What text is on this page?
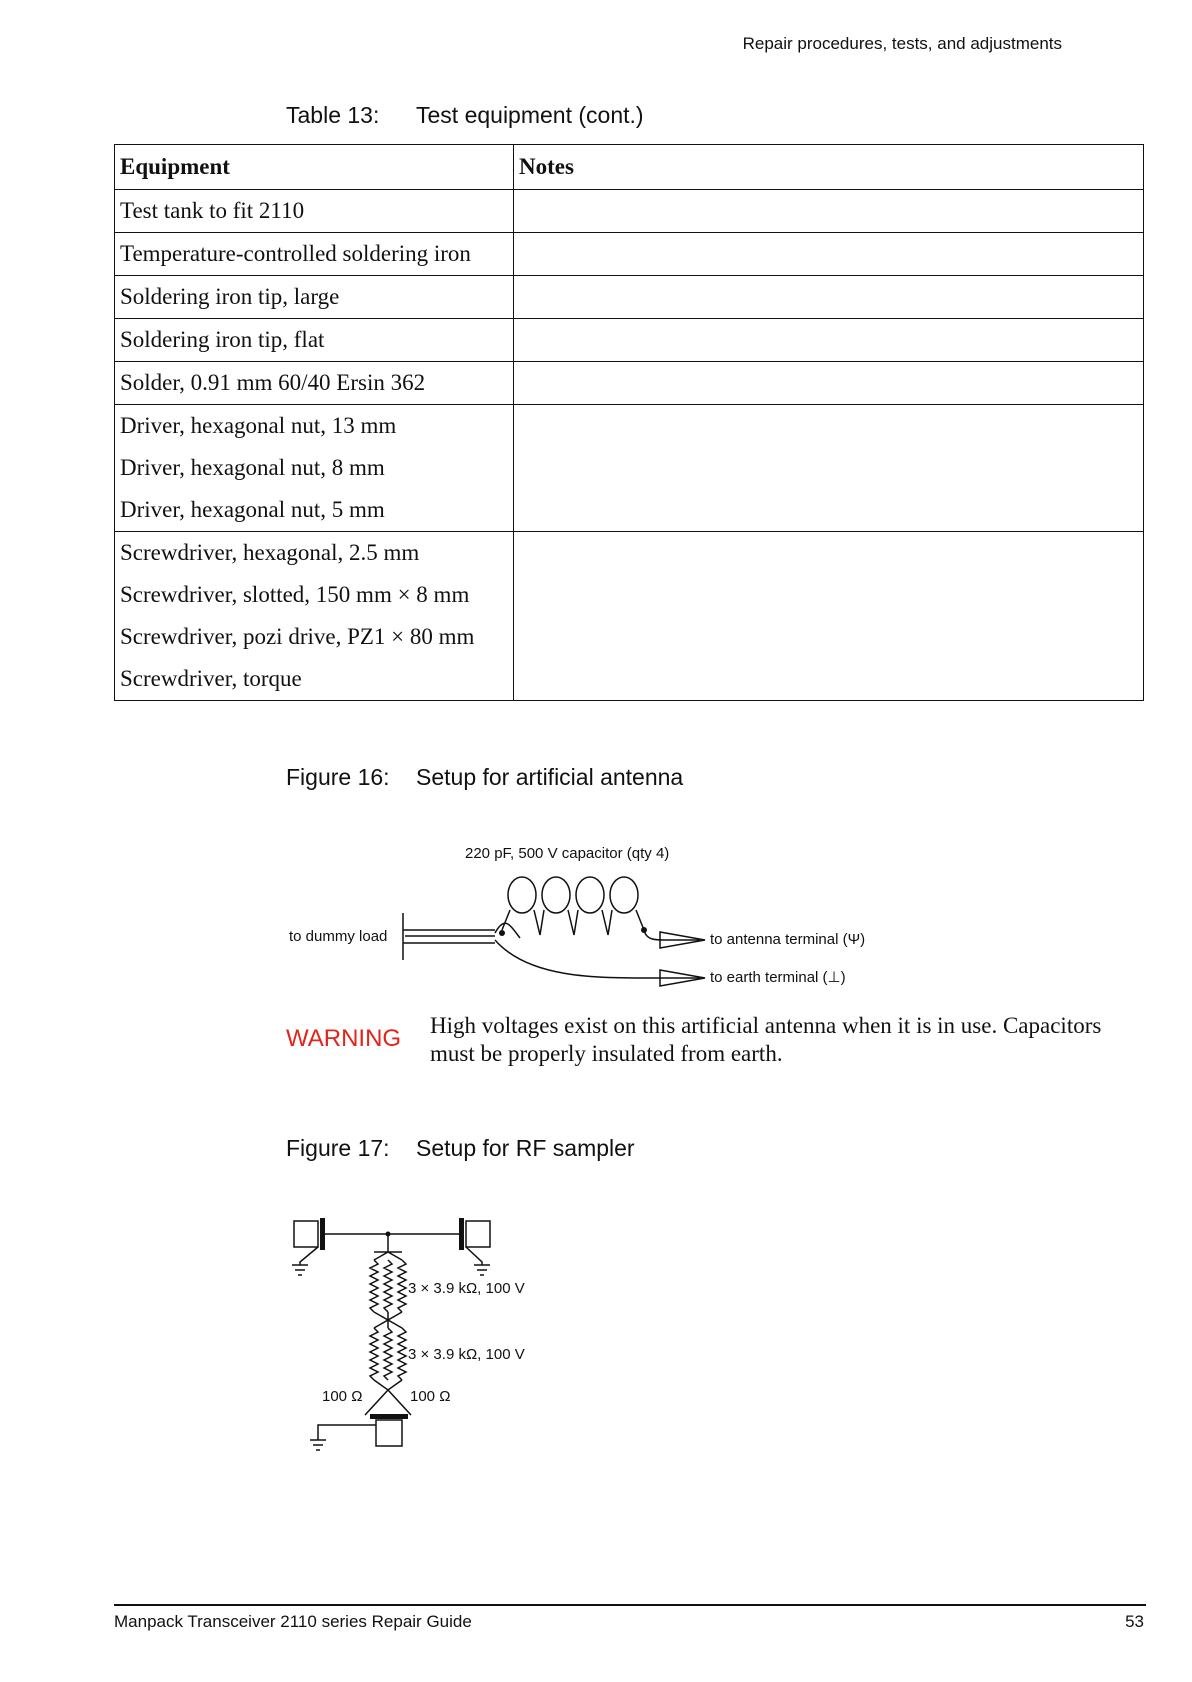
Repair procedures, tests, and adjustments
Table 13: Test equipment (cont.)
Equipment	Notes

Test tank to fit 2110	

Temperature-controlled soldering iron	

Soldering iron tip, large	

Soldering iron tip, flat	

Solder, 0.91 mm 60/40 Ersin 362	

Driver, hexagonal nut, 13 mm
Driver, hexagonal nut, 8 mm
Driver, hexagonal nut, 5 mm	

Screwdriver, hexagonal, 2.5 mm
Screwdriver, slotted, 150 mm × 8 mm
Screwdriver, pozi drive, PZ1 × 80 mm
Screwdriver, torque	

Figure 16: Setup for artificial antenna
220 pF, 500 V capacitor (qty 4)
to dummy load	to antenna terminal (Ψ)
to earth terminal (⊥)
WARNING High voltages exist on this artificial antenna when it is in use. Capacitors must be properly insulated from earth.
Figure 17: Setup for RF sampler
3 × 3.9 kΩ, 100 V
3 × 3.9 kΩ, 100 V
100 Ω	100 Ω
Manpack Transceiver 2110 series Repair Guide	53
